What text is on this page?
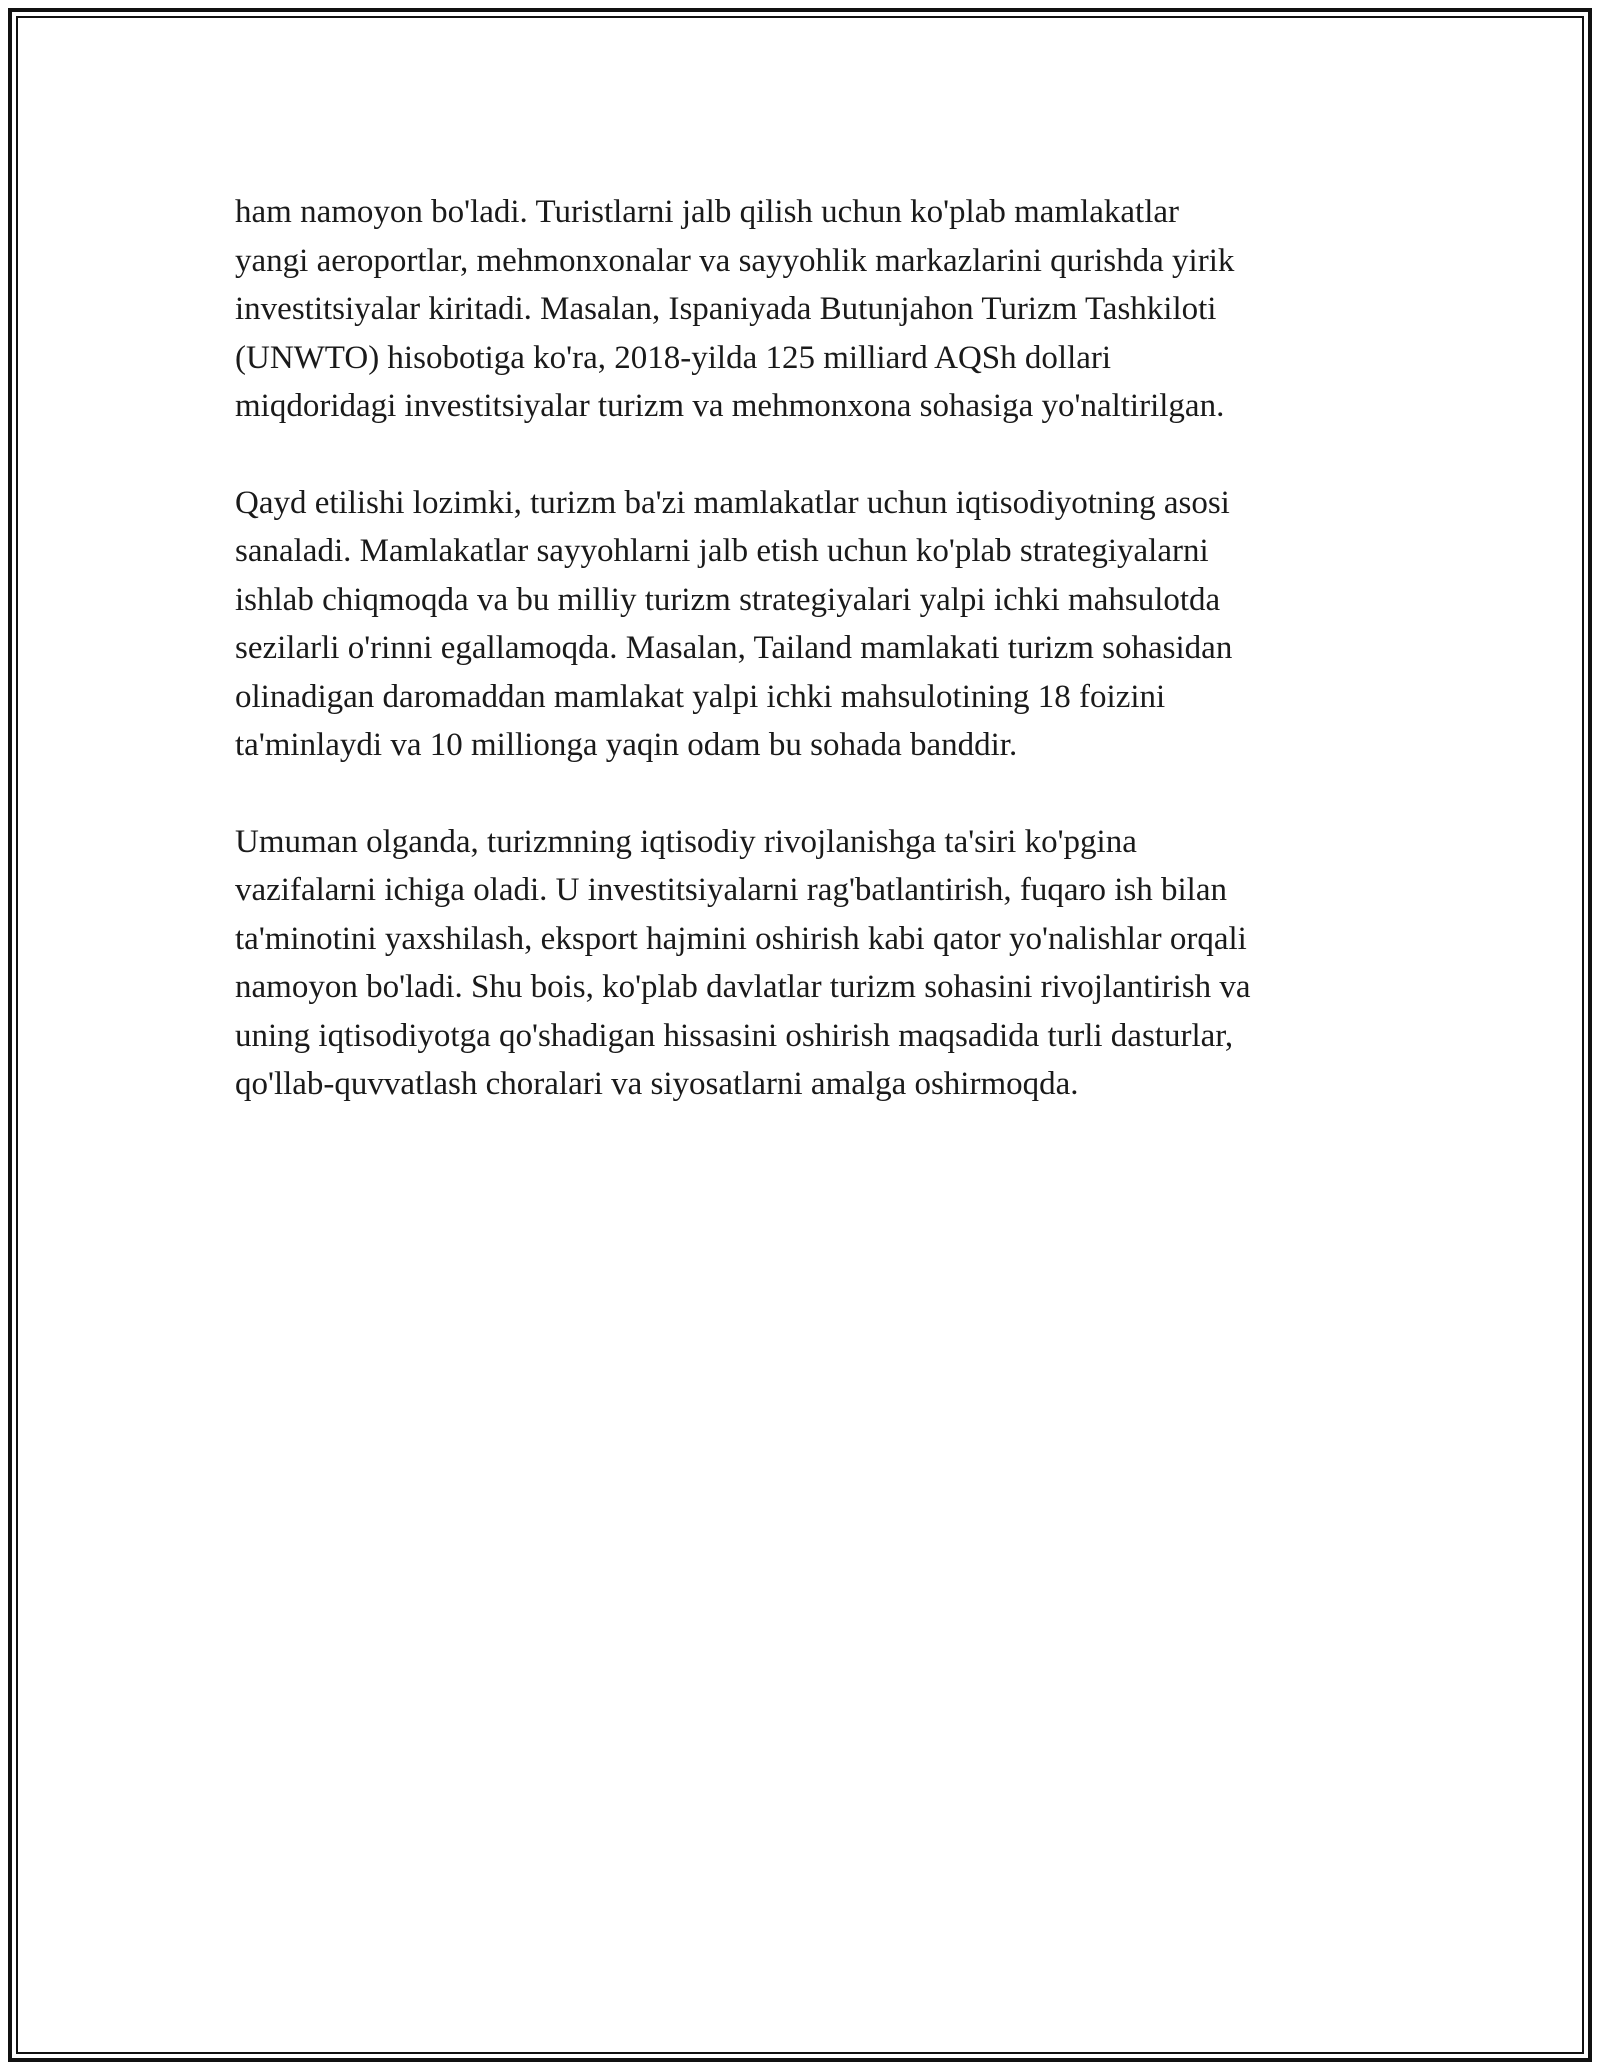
ham namoyon bo'ladi. Turistlarni jalb qilish uchun ko'plab mamlakatlar
yangi aeroportlar, mehmonxonalar va sayyohlik markazlarini qurishda yirik
investitsiyalar kiritadi. Masalan, Ispaniyada Butunjahon Turizm Tashkiloti
(UNWTO) hisobotiga ko'ra, 2018-yilda 125 milliard AQSh dollari
miqdoridagi investitsiyalar turizm va mehmonxona sohasiga yo'naltirilgan.

Qayd etilishi lozimki, turizm ba'zi mamlakatlar uchun iqtisodiyotning asosi
sanaladi. Mamlakatlar sayyohlarni jalb etish uchun ko'plab strategiyalarni
ishlab chiqmoqda va bu milliy turizm strategiyalari yalpi ichki mahsulotda
sezilarli o'rinni egallamoqda. Masalan, Tailand mamlakati turizm sohasidan
olinadigan daromaddan mamlakat yalpi ichki mahsulotining 18 foizini
ta'minlaydi va 10 millionga yaqin odam bu sohada banddir.

Umuman olganda, turizmning iqtisodiy rivojlanishga ta'siri ko'pgina
vazifalarni ichiga oladi. U investitsiyalarni rag'batlantirish, fuqaro ish bilan
ta'minotini yaxshilash, eksport hajmini oshirish kabi qator yo'nalishlar orqali
namoyon bo'ladi. Shu bois, ko'plab davlatlar turizm sohasini rivojlantirish va
uning iqtisodiyotga qo'shadigan hissasini oshirish maqsadida turli dasturlar,
qo'llab-quvvatlash choralari va siyosatlarni amalga oshirmoqda.
